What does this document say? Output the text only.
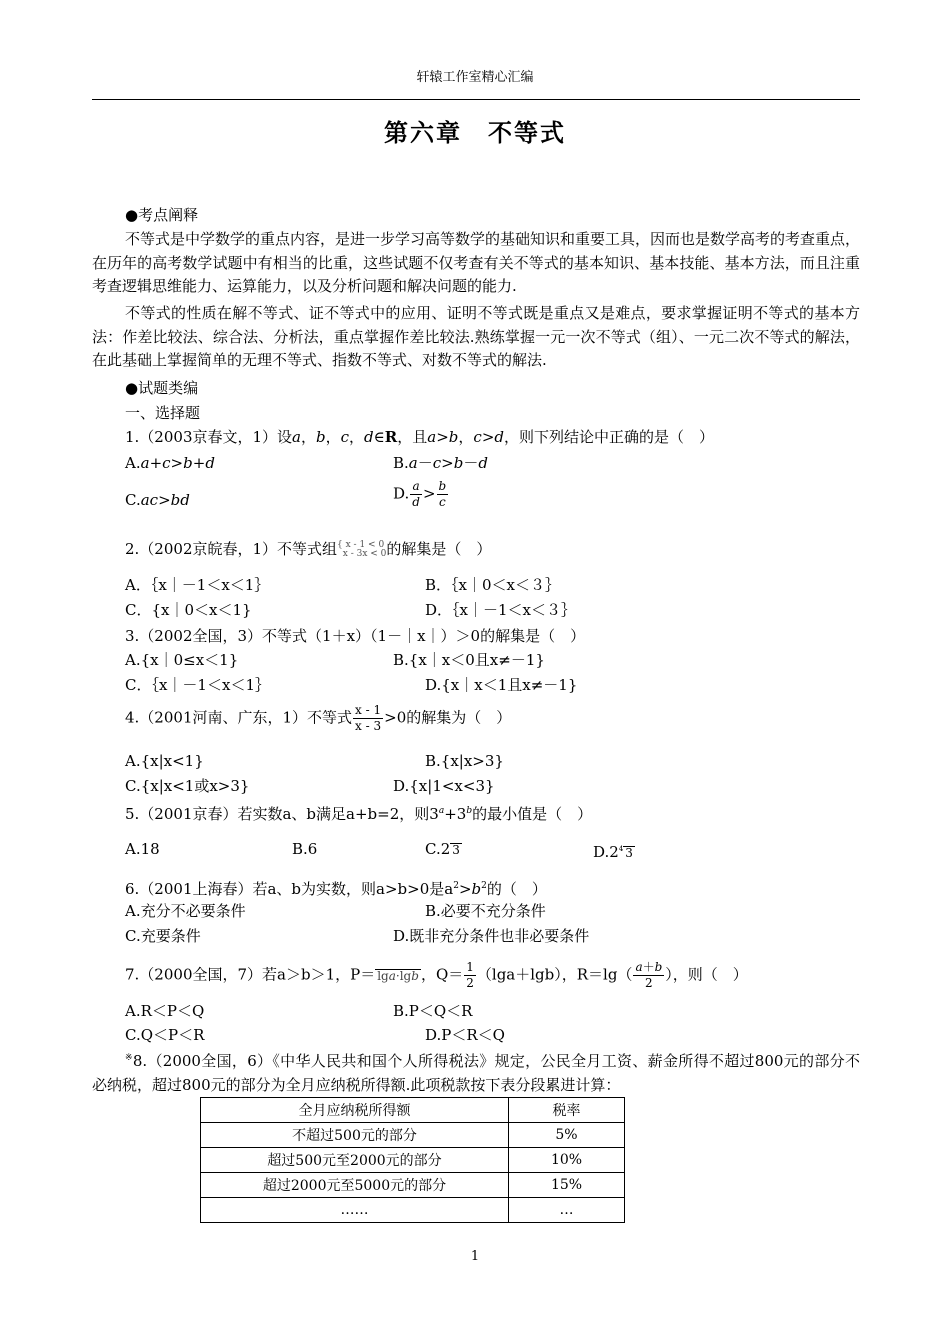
轩辕工作室精心汇编
第六章　不等式
●考点阐释
不等式是中学数学的重点内容，是进一步学习高等数学的基础知识和重要工具，因而也是数学高考的考查重点，在历年的高考数学试题中有相当的比重，这些试题不仅考查有关不等式的基本知识、基本技能、基本方法，而且注重考查逻辑思维能力、运算能力，以及分析问题和解决问题的能力.
不等式的性质在解不等式、证不等式中的应用、证明不等式既是重点又是难点，要求掌握证明不等式的基本方法：作差比较法、综合法、分析法，重点掌握作差比较法.熟练掌握一元一次不等式（组）、一元二次不等式的解法，在此基础上掌握简单的无理不等式、指数不等式、对数不等式的解法.
●试题类编
一、选择题
1.（2003京春文，1）设a，b，c，d∈R，且a>b，c>d，则下列结论中正确的是（　）
A.a+c>b+d	B.a－c>b－d
C.ac>bd	D. $\frac{a}{d} > \frac{b}{c}$
2.（2002京皖春，1）不等式组{ x - 1 < 0
x - 3x < 0的解集是（　）
A．｛x｜－1＜x＜1｝	B．｛x｜0＜x＜３｝
C．{x｜0＜x＜1}	D．｛x｜－1＜x＜３｝
3.（2002全国，3）不等式（1＋x）（1－｜x｜）＞0的解集是（　）
A.{x｜0≤x＜1}	B.{x｜x＜0且x≠－1}
C．｛x｜－1＜x＜1｝	D.{x｜x＜1且x≠－1}
4.（2001河南、广东，1）不等式 $\frac{x - 1}{x - 3} >0$的解集为（　）
A.{x|x<1}	B.{x|x>3}
C.{x|x<1或x>3}	D.{x|1<x<3}
5.（2001京春）若实数a、b满足a+b=2，则$3^a+3^b$的最小值是（　）
A.18	B.6	C.2 3	$D.2^4$ 3
6.（2001上海春）若a、b为实数，则a>b>0是$a^2>b^2$的（　）
A.充分不必要条件	B.必要不充分条件
C.充要条件	D.既非充分条件也非必要条件
7.（2000全国，7）若a＞b＞1，P＝ lga·lgb ，$Q= \frac{1}{2} (\lg a+\lg b)$，$R=\lg( \frac{a+b}{2}$ ），则（　）
A.R＜P＜Q	B.P＜Q＜R
C.Q＜P＜R	D.P＜R＜Q
※8.（2000全国，6）《中华人民共和国个人所得税法》规定，公民全月工资、薪金所得不超过800元的部分不必纳税，超过800元的部分为全月应纳税所得额.此项税款按下表分段累进计算：
全月应纳税所得额	税率
不超过500元的部分	5%
超过500元至2000元的部分	10%
超过2000元至5000元的部分	15%
……	…
1
